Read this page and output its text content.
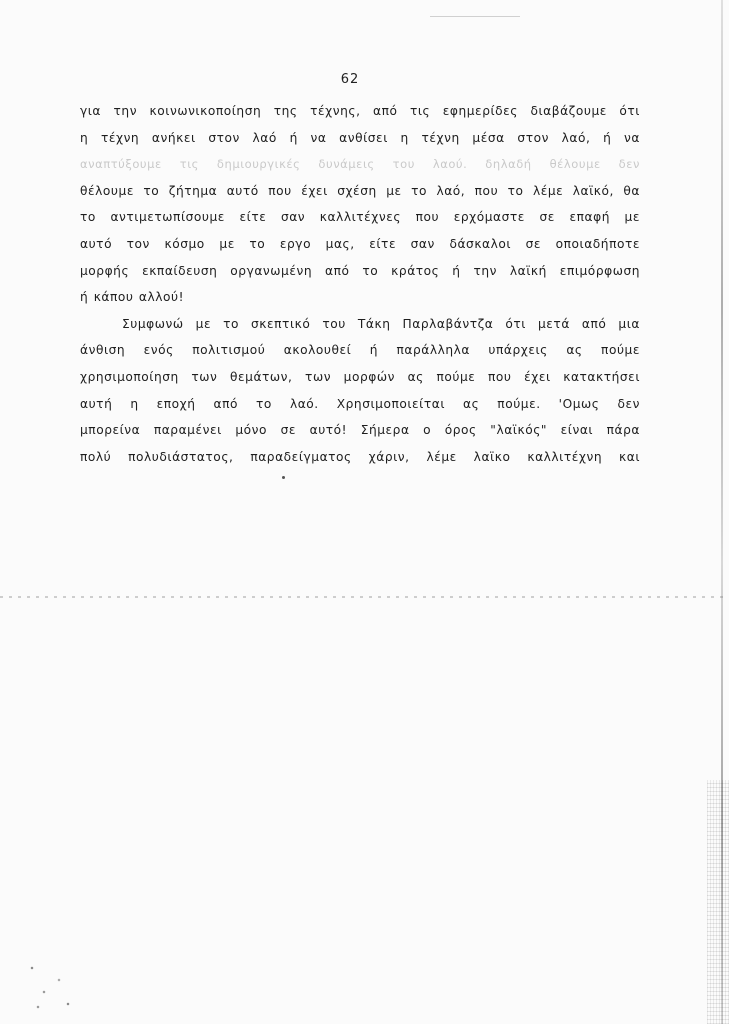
62
για την κοινωνικοποίηση της τέχνης, από τις εφημερίδες διαβάζουμε ότι
η τέχνη ανήκει στον λαό ή να ανθίσει η τέχνη μέσα στον λαό, ή να
αναπτύξουμε τις δημιουργικές δυνάμεις του λαού. δηλαδή θέλουμε δεν
θέλουμε το ζήτημα αυτό που έχει σχέση με το λαό, που το λέμε λαϊκό, θα
το αντιμετωπίσουμε είτε σαν καλλιτέχνες που ερχόμαστε σε επαφή με
αυτό τον κόσμο με το εργο μας, είτε σαν δάσκαλοι σε οποιαδήποτε
μορφής εκπαίδευση οργανωμένη από το κράτος ή την λαϊκή επιμόρφωση
ή κάπου αλλού!
Συμφωνώ με το σκεπτικό του Τάκη Παρλαβάντζα ότι μετά από μια
άνθιση ενός πολιτισμού ακολουθεί ή παράλληλα υπάρχεις ας πούμε
χρησιμοποίηση των θεμάτων, των μορφών ας πούμε που έχει κατακτήσει
αυτή η εποχή από το λαό. Χρησιμοποιείται ας πούμε. 'Ομως δεν
μπορείνα παραμένει μόνο σε αυτό! Σήμερα ο όρος "λαϊκός" είναι πάρα
πολύ πολυδιάστατος, παραδείγματος χάριν, λέμε λαϊκο καλλιτέχνη και
